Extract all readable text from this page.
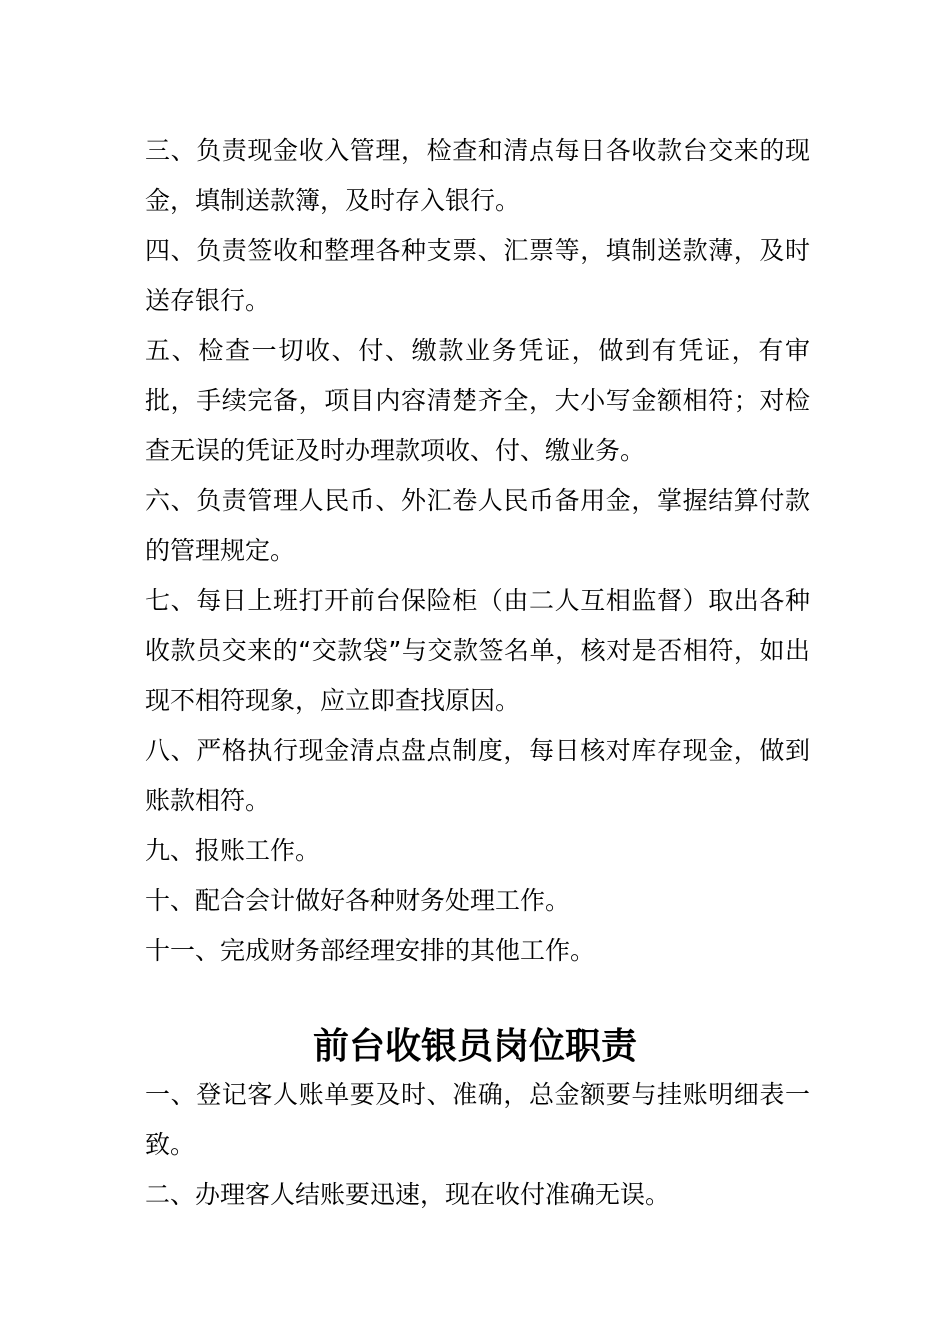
三、负责现金收入管理，检查和清点每日各收款台交来的现金，填制送款簿，及时存入银行。

四、负责签收和整理各种支票、汇票等，填制送款薄，及时送存银行。

五、检查一切收、付、缴款业务凭证，做到有凭证，有审批，手续完备，项目内容清楚齐全，大小写金额相符；对检查无误的凭证及时办理款项收、付、缴业务。

六、负责管理人民币、外汇卷人民币备用金，掌握结算付款的管理规定。

七、每日上班打开前台保险柜（由二人互相监督）取出各种收款员交来的“交款袋”与交款签名单，核对是否相符，如出现不相符现象，应立即查找原因。

八、严格执行现金清点盘点制度，每日核对库存现金，做到账款相符。

九、报账工作。

十、配合会计做好各种财务处理工作。

十一、完成财务部经理安排的其他工作。

前台收银员岗位职责

一、登记客人账单要及时、准确，总金额要与挂账明细表一致。

二、办理客人结账要迅速，现在收付准确无误。
